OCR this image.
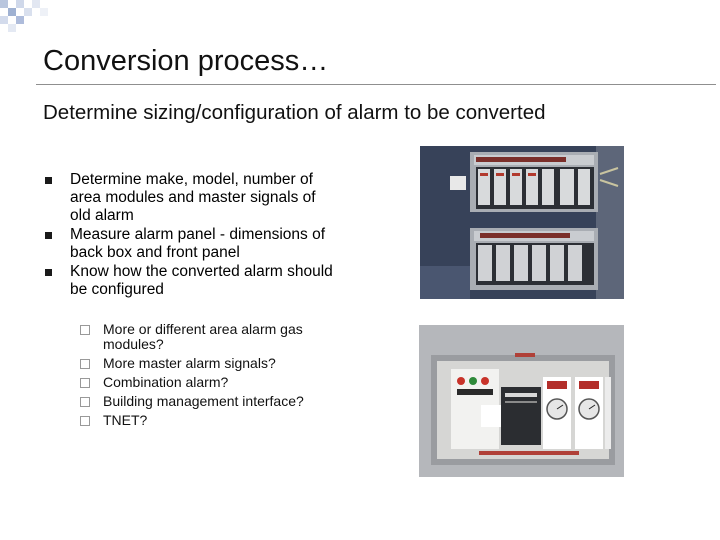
Conversion process…
Determine sizing/configuration of alarm to be converted
Determine make, model, number of area modules and master signals of old alarm
Measure alarm panel - dimensions of back box and front panel
Know how the converted alarm should be configured
More or different area alarm gas modules?
More master alarm signals?
Combination alarm?
Building management interface?
TNET?
